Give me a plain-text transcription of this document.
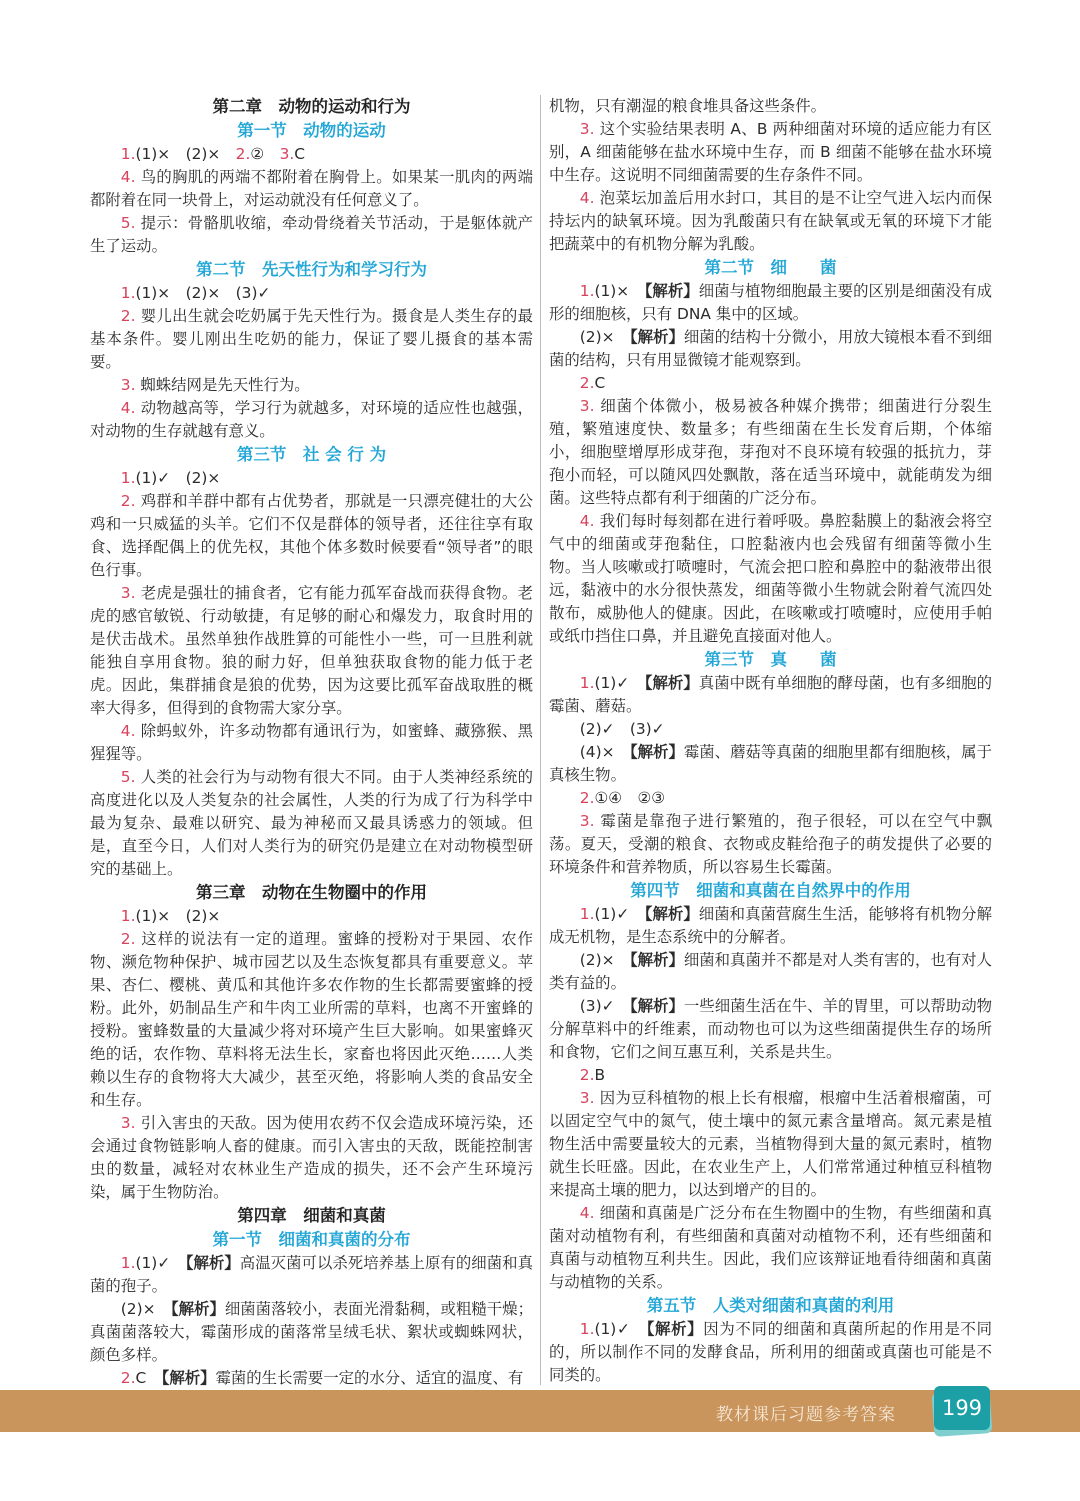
第二章　动物的运动和行为
第一节　动物的运动
1.(1)×　(2)×　2.②　3.C
4. 鸟的胸肌的两端不都附着在胸骨上。如果某一肌肉的两端都附着在同一块骨上，对运动就没有任何意义了。
5. 提示：骨骼肌收缩，牵动骨绕着关节活动，于是躯体就产生了运动。
第二节　先天性行为和学习行为
1.(1)×　(2)×　(3)✓
2. 婴儿出生就会吃奶属于先天性行为。摄食是人类生存的最基本条件。婴儿刚出生吃奶的能力，保证了婴儿摄食的基本需要。
3. 蜘蛛结网是先天性行为。
4. 动物越高等，学习行为就越多，对环境的适应性也越强，对动物的生存就越有意义。
第三节　社 会 行 为
1.(1)✓　(2)×
2. 鸡群和羊群中都有占优势者，那就是一只漂亮健壮的大公鸡和一只威猛的头羊。它们不仅是群体的领导者，还往往享有取食、选择配偶上的优先权，其他个体多数时候要看“领导者”的眼色行事。
3. 老虎是强壮的捕食者，它有能力孤军奋战而获得食物。老虎的感官敏锐、行动敏捷，有足够的耐心和爆发力，取食时用的是伏击战术。虽然单独作战胜算的可能性小一些，可一旦胜利就能独自享用食物。狼的耐力好，但单独获取食物的能力低于老虎。因此，集群捕食是狼的优势，因为这要比孤军奋战取胜的概率大得多，但得到的食物需大家分享。
4. 除蚂蚁外，许多动物都有通讯行为，如蜜蜂、藏猕猴、黑猩猩等。
5. 人类的社会行为与动物有很大不同。由于人类神经系统的高度进化以及人类复杂的社会属性，人类的行为成了行为科学中最为复杂、最难以研究、最为神秘而又最具诱惑力的领域。但是，直至今日，人们对人类行为的研究仍是建立在对动物模型研究的基础上。
第三章　动物在生物圈中的作用
1.(1)×　(2)×
2. 这样的说法有一定的道理。蜜蜂的授粉对于果园、农作物、濒危物种保护、城市园艺以及生态恢复都具有重要意义。苹果、杏仁、樱桃、黄瓜和其他许多农作物的生长都需要蜜蜂的授粉。此外，奶制品生产和牛肉工业所需的草料，也离不开蜜蜂的授粉。蜜蜂数量的大量减少将对环境产生巨大影响。如果蜜蜂灭绝的话，农作物、草料将无法生长，家畜也将因此灭绝……人类赖以生存的食物将大大减少，甚至灭绝，将影响人类的食品安全和生存。
3. 引入害虫的天敌。因为使用农药不仅会造成环境污染，还会通过食物链影响人畜的健康。而引入害虫的天敌，既能控制害虫的数量，减轻对农林业生产造成的损失，还不会产生环境污染，属于生物防治。
第四章　细菌和真菌
第一节　细菌和真菌的分布
1.(1)✓　【解析】高温灭菌可以杀死培养基上原有的细菌和真菌的孢子。
(2)×　【解析】细菌菌落较小，表面光滑黏稠，或粗糙干燥；真菌菌落较大，霉菌形成的菌落常呈绒毛状、絮状或蜘蛛网状，颜色多样。
2.C　【解析】霉菌的生长需要一定的水分、适宜的温度、有
机物，只有潮湿的粮食堆具备这些条件。
3. 这个实验结果表明 A、B 两种细菌对环境的适应能力有区别，A 细菌能够在盐水环境中生存，而 B 细菌不能够在盐水环境中生存。这说明不同细菌需要的生存条件不同。
4. 泡菜坛加盖后用水封口，其目的是不让空气进入坛内而保持坛内的缺氧环境。因为乳酸菌只有在缺氧或无氧的环境下才能把蔬菜中的有机物分解为乳酸。
第二节　细　　菌
1.(1)×　【解析】细菌与植物细胞最主要的区别是细菌没有成形的细胞核，只有 DNA 集中的区域。
(2)×　【解析】细菌的结构十分微小，用放大镜根本看不到细菌的结构，只有用显微镜才能观察到。
2.C
3. 细菌个体微小，极易被各种媒介携带；细菌进行分裂生殖，繁殖速度快、数量多；有些细菌在生长发育后期，个体缩小，细胞壁增厚形成芽孢，芽孢对不良环境有较强的抵抗力，芽孢小而轻，可以随风四处飘散，落在适当环境中，就能萌发为细菌。这些特点都有利于细菌的广泛分布。
4. 我们每时每刻都在进行着呼吸。鼻腔黏膜上的黏液会将空气中的细菌或芽孢黏住，口腔黏液内也会残留有细菌等微小生物。当人咳嗽或打喷嚏时，气流会把口腔和鼻腔中的黏液带出很远，黏液中的水分很快蒸发，细菌等微小生物就会附着气流四处散布，威胁他人的健康。因此，在咳嗽或打喷嚏时，应使用手帕或纸巾挡住口鼻，并且避免直接面对他人。
第三节　真　　菌
1.(1)✓　【解析】真菌中既有单细胞的酵母菌，也有多细胞的霉菌、蘑菇。
(2)✓　(3)✓
(4)×　【解析】霉菌、蘑菇等真菌的细胞里都有细胞核，属于真核生物。
2.①④　②③
3. 霉菌是靠孢子进行繁殖的，孢子很轻，可以在空气中飘荡。夏天，受潮的粮食、衣物或皮鞋给孢子的萌发提供了必要的环境条件和营养物质，所以容易生长霉菌。
第四节　细菌和真菌在自然界中的作用
1.(1)✓　【解析】细菌和真菌营腐生生活，能够将有机物分解成无机物，是生态系统中的分解者。
(2)×　【解析】细菌和真菌并不都是对人类有害的，也有对人类有益的。
(3)✓　【解析】一些细菌生活在牛、羊的胃里，可以帮助动物分解草料中的纤维素，而动物也可以为这些细菌提供生存的场所和食物，它们之间互惠互利，关系是共生。
2.B
3. 因为豆科植物的根上长有根瘤，根瘤中生活着根瘤菌，可以固定空气中的氮气，使土壤中的氮元素含量增高。氮元素是植物生活中需要量较大的元素，当植物得到大量的氮元素时，植物就生长旺盛。因此，在农业生产上，人们常常通过种植豆科植物来提高土壤的肥力，以达到增产的目的。
4. 细菌和真菌是广泛分布在生物圈中的生物，有些细菌和真菌对动植物有利，有些细菌和真菌对动植物不利，还有些细菌和真菌与动植物互利共生。因此，我们应该辩证地看待细菌和真菌与动植物的关系。
第五节　人类对细菌和真菌的利用
1.(1)✓　【解析】因为不同的细菌和真菌所起的作用是不同的，所以制作不同的发酵食品，所利用的细菌或真菌也可能是不同类的。
教材课后习题参考答案	199
